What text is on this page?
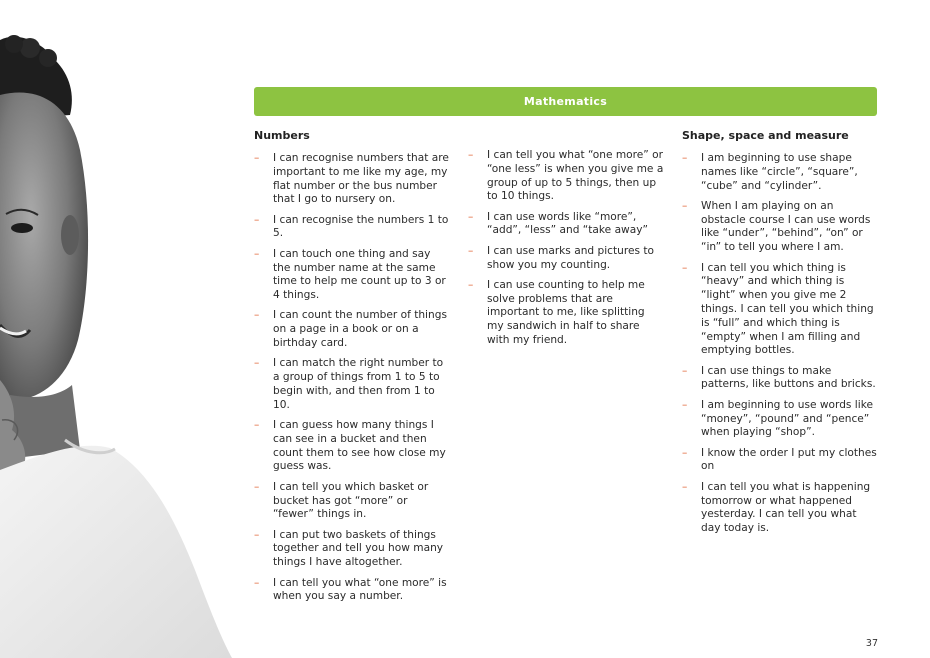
Mathematics
Numbers
– I can recognise numbers that are important to me like my age, my flat number or the bus number that I go to nursery on.
– I can recognise the numbers 1 to 5.
– I can touch one thing and say the number name at the same time to help me count up to 3 or 4 things.
– I can count the number of things on a page in a book or on a birthday card.
– I can match the right number to a group of things from 1 to 5 to begin with, and then from 1 to 10.
– I can guess how many things I can see in a bucket and then count them to see how close my guess was.
– I can tell you which basket or bucket has got “more” or “fewer” things in.
– I can put two baskets of things together and tell you how many things I have altogether.
– I can tell you what “one more” is when you say a number.
– I can tell you what “one more” or “one less” is when you give me a group of up to 5 things, then up to 10 things.
– I can use words like “more”, “add”, “less” and “take away”
– I can use marks and pictures to show you my counting.
– I can use counting to help me solve problems that are important to me, like splitting my sandwich in half to share with my friend.
Shape, space and measure
– I am beginning to use shape names like “circle”, “square”, “cube” and “cylinder”.
– When I am playing on an obstacle course I can use words like “under”, “behind”, “on” or “in” to tell you where I am.
– I can tell you which thing is “heavy” and which thing is “light” when you give me 2 things. I can tell you which thing is “full” and which thing is “empty” when I am filling and emptying bottles.
– I can use things to make patterns, like buttons and bricks.
– I am beginning to use words like “money”, “pound” and “pence” when playing “shop”.
– I know the order I put my clothes on
– I can tell you what is happening tomorrow or what happened yesterday. I can tell you what day today is.
37
